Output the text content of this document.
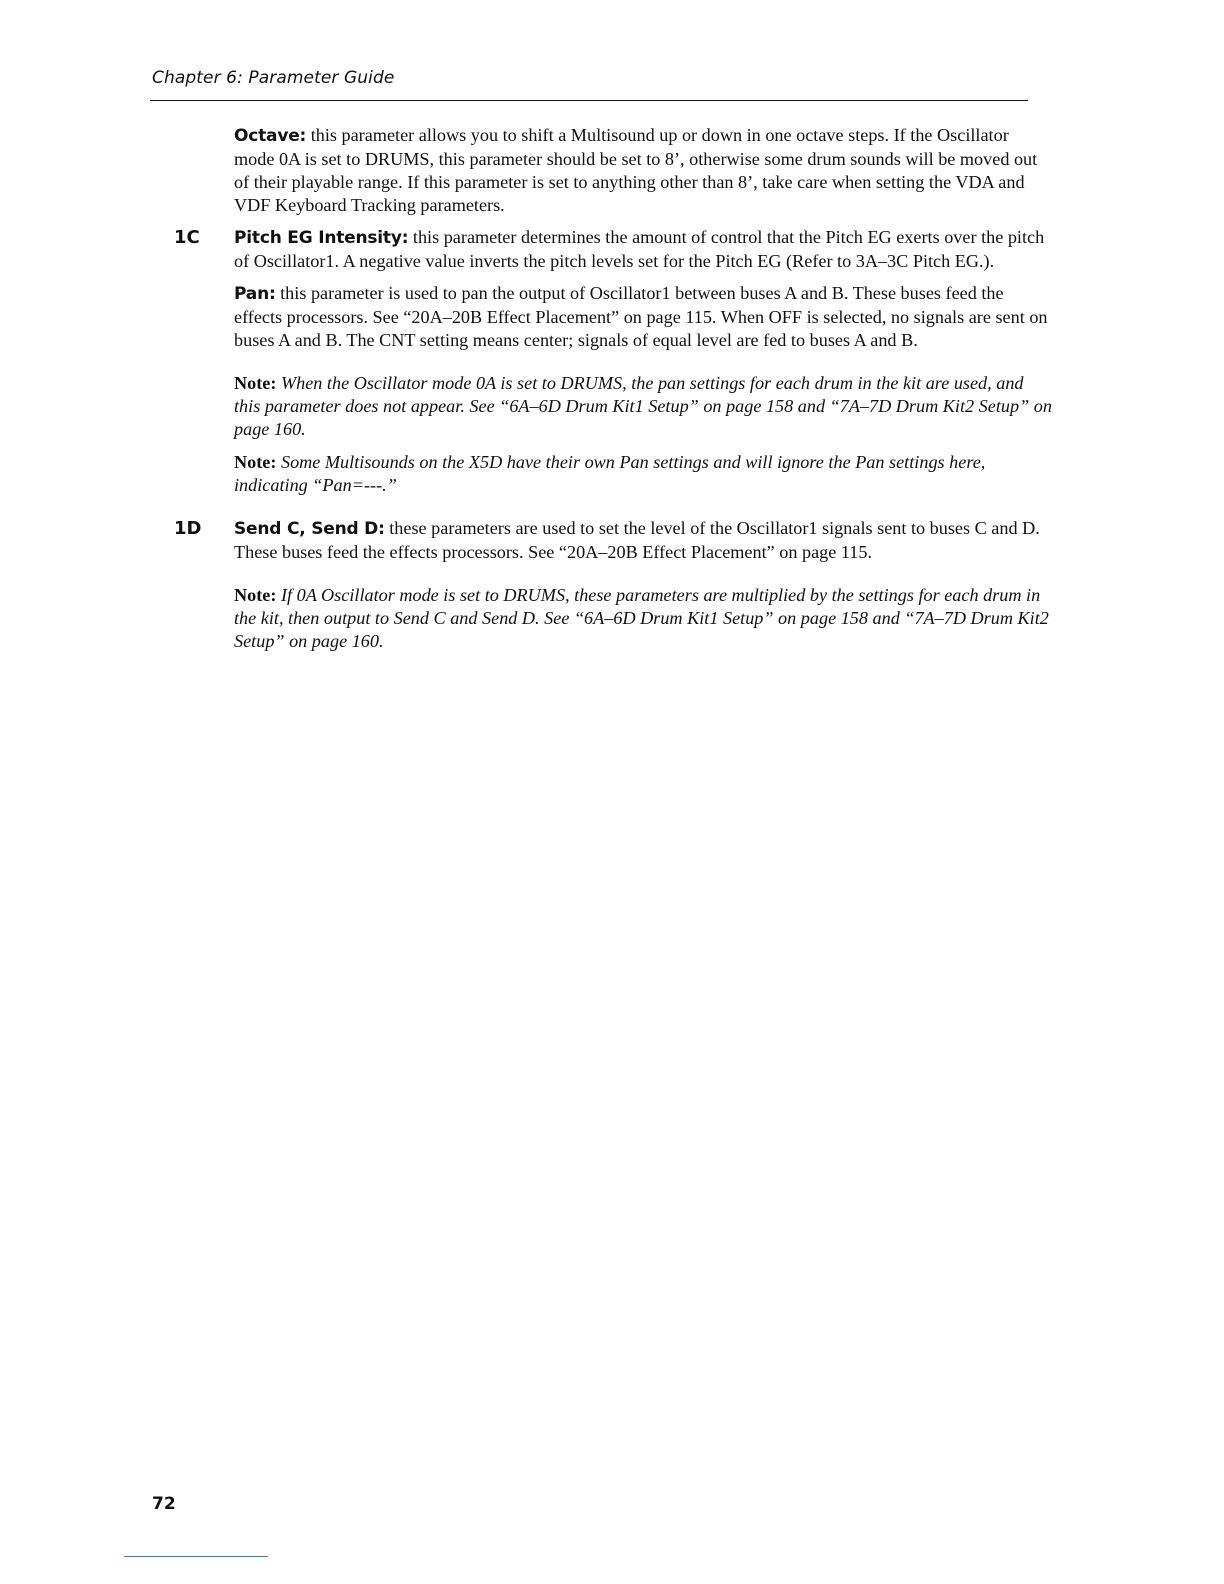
Chapter 6: Parameter Guide

Octave: this parameter allows you to shift a Multisound up or down in one octave steps. If the Oscillator mode 0A is set to DRUMS, this parameter should be set to 8’, otherwise some drum sounds will be moved out of their playable range. If this parameter is set to anything other than 8’, take care when setting the VDA and VDF Keyboard Tracking parameters.

1C Pitch EG Intensity: this parameter determines the amount of control that the Pitch EG exerts over the pitch of Oscillator1. A negative value inverts the pitch levels set for the Pitch EG (Refer to 3A–3C Pitch EG.).

Pan: this parameter is used to pan the output of Oscillator1 between buses A and B. These buses feed the effects processors. See “20A–20B Effect Placement” on page 115. When OFF is selected, no signals are sent on buses A and B. The CNT setting means center; signals of equal level are fed to buses A and B.

Note: When the Oscillator mode 0A is set to DRUMS, the pan settings for each drum in the kit are used, and this parameter does not appear. See “6A–6D Drum Kit1 Setup” on page 158 and “7A–7D Drum Kit2 Setup” on page 160.

Note: Some Multisounds on the X5D have their own Pan settings and will ignore the Pan settings here, indicating “Pan=---.”

1D Send C, Send D: these parameters are used to set the level of the Oscillator1 signals sent to buses C and D. These buses feed the effects processors. See “20A–20B Effect Placement” on page 115.

Note: If 0A Oscillator mode is set to DRUMS, these parameters are multiplied by the settings for each drum in the kit, then output to Send C and Send D. See “6A–6D Drum Kit1 Setup” on page 158 and “7A–7D Drum Kit2 Setup” on page 160.

72
